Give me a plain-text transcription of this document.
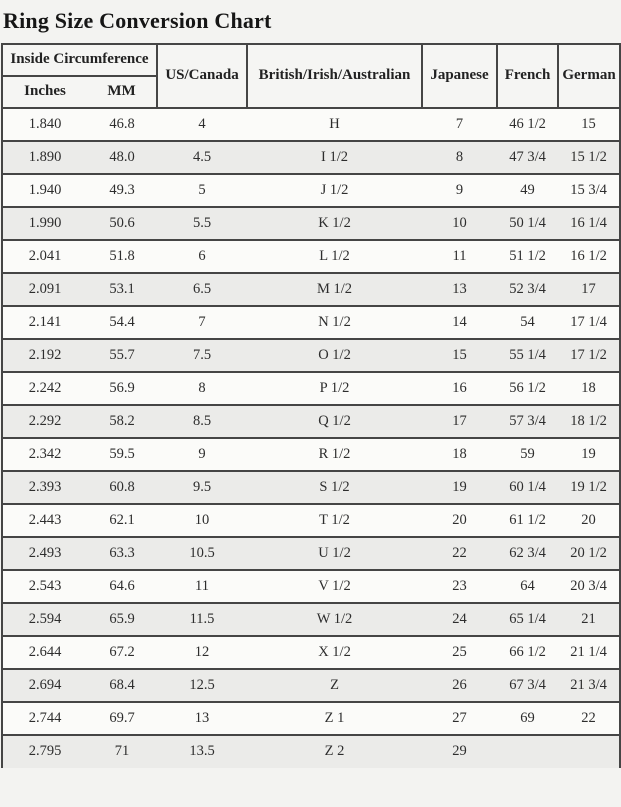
Ring Size Conversion Chart
Inside Circumference		US/Canada	British/Irish/Australian	Japanese	French	German
Inches	MM					
1.840	46.8	4	H	7	46 1/2	15
1.890	48.0	4.5	I 1/2	8	47 3/4	15 1/2
1.940	49.3	5	J 1/2	9	49	15 3/4
1.990	50.6	5.5	K 1/2	10	50 1/4	16 1/4
2.041	51.8	6	L 1/2	11	51 1/2	16 1/2
2.091	53.1	6.5	M 1/2	13	52 3/4	17
2.141	54.4	7	N 1/2	14	54	17 1/4
2.192	55.7	7.5	O 1/2	15	55 1/4	17 1/2
2.242	56.9	8	P 1/2	16	56 1/2	18
2.292	58.2	8.5	Q 1/2	17	57 3/4	18 1/2
2.342	59.5	9	R 1/2	18	59	19
2.393	60.8	9.5	S 1/2	19	60 1/4	19 1/2
2.443	62.1	10	T 1/2	20	61 1/2	20
2.493	63.3	10.5	U 1/2	22	62 3/4	20 1/2
2.543	64.6	11	V 1/2	23	64	20 3/4
2.594	65.9	11.5	W 1/2	24	65 1/4	21
2.644	67.2	12	X 1/2	25	66 1/2	21 1/4
2.694	68.4	12.5	Z	26	67 3/4	21 3/4
2.744	69.7	13	Z 1	27	69	22
2.795	71	13.5	Z 2	29		
